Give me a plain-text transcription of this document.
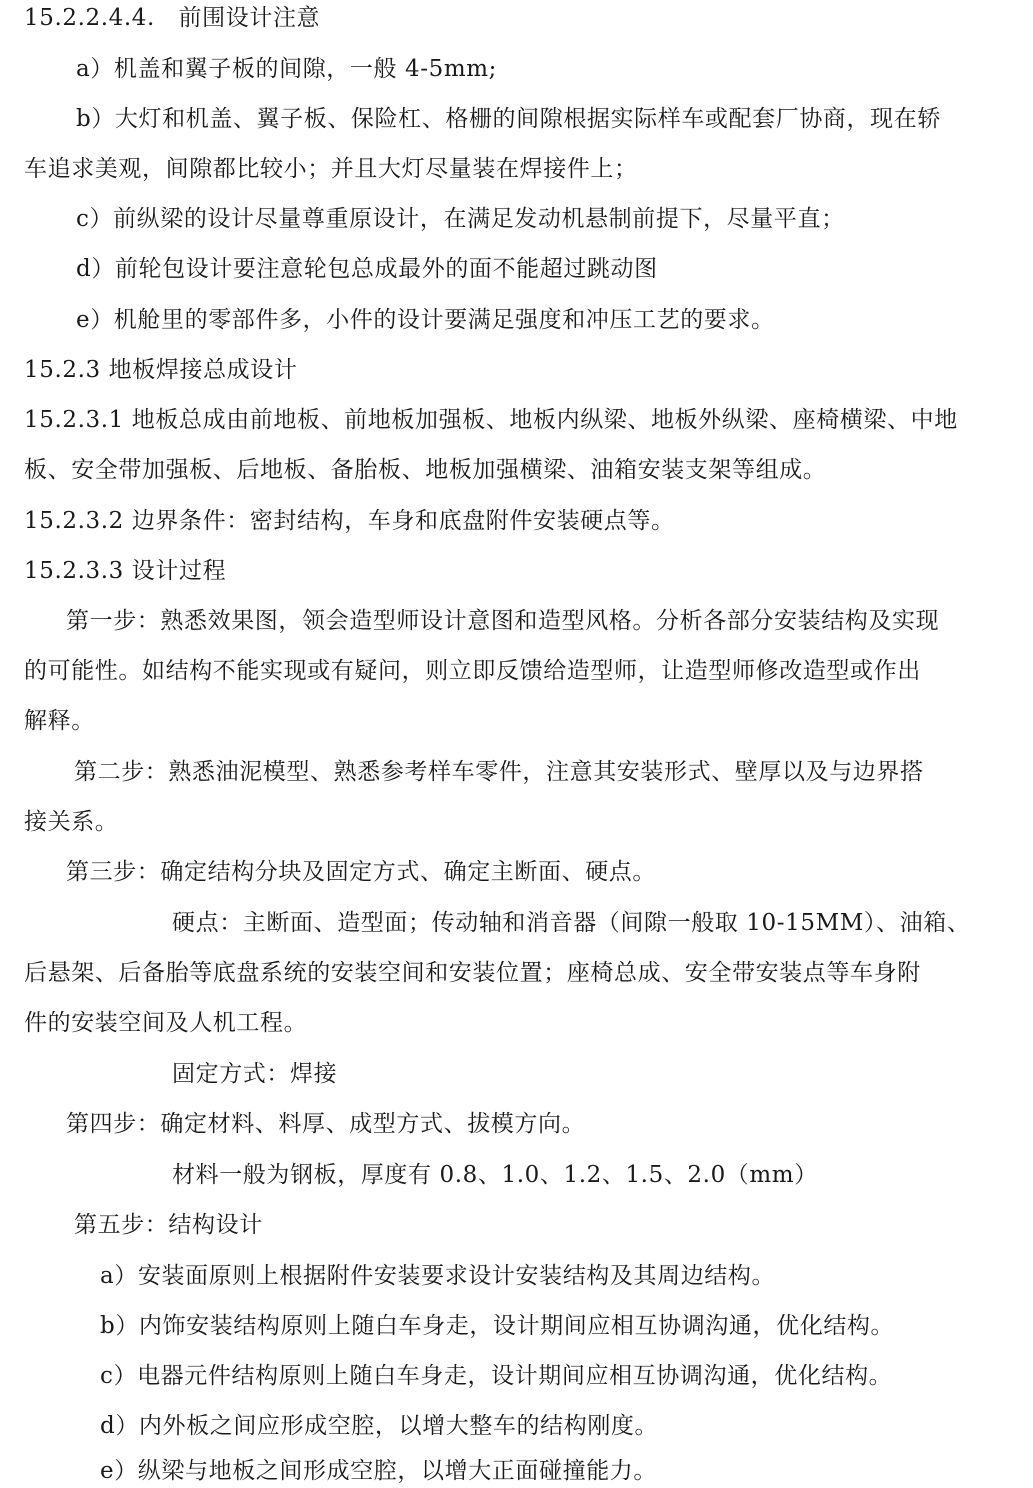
15.2.2.4.4.　前围设计注意
a）机盖和翼子板的间隙，一般 4-5mm;
b）大灯和机盖、翼子板、保险杠、格栅的间隙根据实际样车或配套厂协商，现在轿
车追求美观，间隙都比较小；并且大灯尽量装在焊接件上；
c）前纵梁的设计尽量尊重原设计，在满足发动机悬制前提下，尽量平直；
d）前轮包设计要注意轮包总成最外的面不能超过跳动图
e）机舱里的零部件多，小件的设计要满足强度和冲压工艺的要求。
15.2.3 地板焊接总成设计
15.2.3.1 地板总成由前地板、前地板加强板、地板内纵梁、地板外纵梁、座椅横梁、中地
板、安全带加强板、后地板、备胎板、地板加强横梁、油箱安装支架等组成。
15.2.3.2 边界条件：密封结构，车身和底盘附件安装硬点等。
15.2.3.3 设计过程
第一步：熟悉效果图，领会造型师设计意图和造型风格。分析各部分安装结构及实现
的可能性。如结构不能实现或有疑问，则立即反馈给造型师，让造型师修改造型或作出
解释。
第二步：熟悉油泥模型、熟悉参考样车零件，注意其安装形式、壁厚以及与边界搭
接关系。
第三步：确定结构分块及固定方式、确定主断面、硬点。
硬点：主断面、造型面；传动轴和消音器（间隙一般取 10-15MM）、油箱、
后悬架、后备胎等底盘系统的安装空间和安装位置；座椅总成、安全带安装点等车身附
件的安装空间及人机工程。
固定方式：焊接
第四步：确定材料、料厚、成型方式、拔模方向。
材料一般为钢板，厚度有 0.8、1.0、1.2、1.5、2.0（mm）
第五步：结构设计
a）安装面原则上根据附件安装要求设计安装结构及其周边结构。
b）内饰安装结构原则上随白车身走，设计期间应相互协调沟通，优化结构。
c）电器元件结构原则上随白车身走，设计期间应相互协调沟通，优化结构。
d）内外板之间应形成空腔，以增大整车的结构刚度。
e）纵梁与地板之间形成空腔，以增大正面碰撞能力。
